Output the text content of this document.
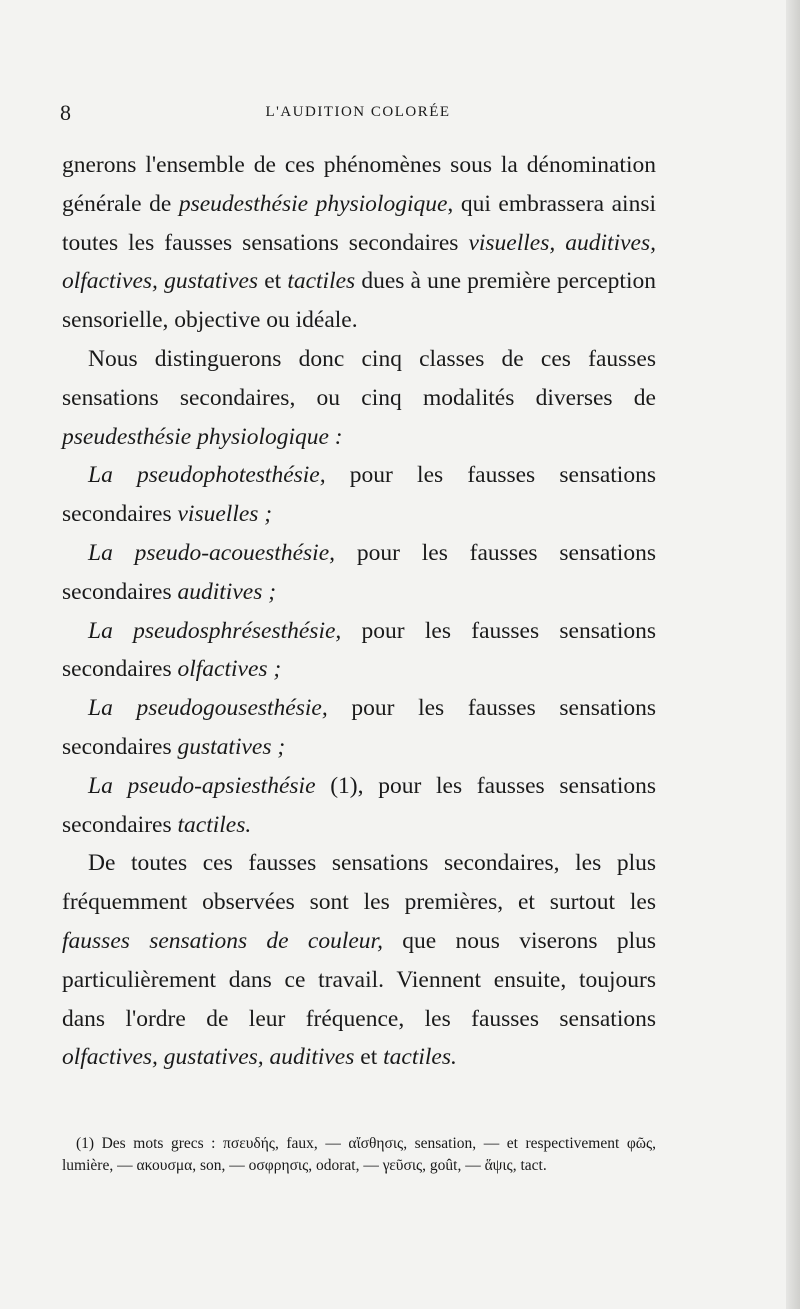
8	L'AUDITION COLORÉE

gnerons l'ensemble de ces phénomènes sous la dénomination générale de pseudesthésie physiologique, qui embrassera ainsi toutes les fausses sensations secondaires visuelles, auditives, olfactives, gustatives et tactiles dues à une première perception sensorielle, objective ou idéale.

Nous distinguerons donc cinq classes de ces fausses sensations secondaires, ou cinq modalités diverses de pseudesthésie physiologique :

La pseudophotesthésie, pour les fausses sensations secondaires visuelles ;

La pseudo-acouesthésie, pour les fausses sensations secondaires auditives ;

La pseudosphrésesthésie, pour les fausses sensations secondaires olfactives ;

La pseudogousesthésie, pour les fausses sensations secondaires gustatives ;

La pseudo-apsiesthésie (1), pour les fausses sensations secondaires tactiles.

De toutes ces fausses sensations secondaires, les plus fréquemment observées sont les premières, et surtout les fausses sensations de couleur, que nous viserons plus particulièrement dans ce travail. Viennent ensuite, toujours dans l'ordre de leur fréquence, les fausses sensations olfactives, gustatives, auditives et tactiles.

(1) Des mots grecs : πσευδής, faux, — αἴσθησις, sensation, — et respectivement φῶς, lumière, — ακουσμα, son, — οσφρησις, odorat, — γεῦσις, goût, — ἅψις, tact.
